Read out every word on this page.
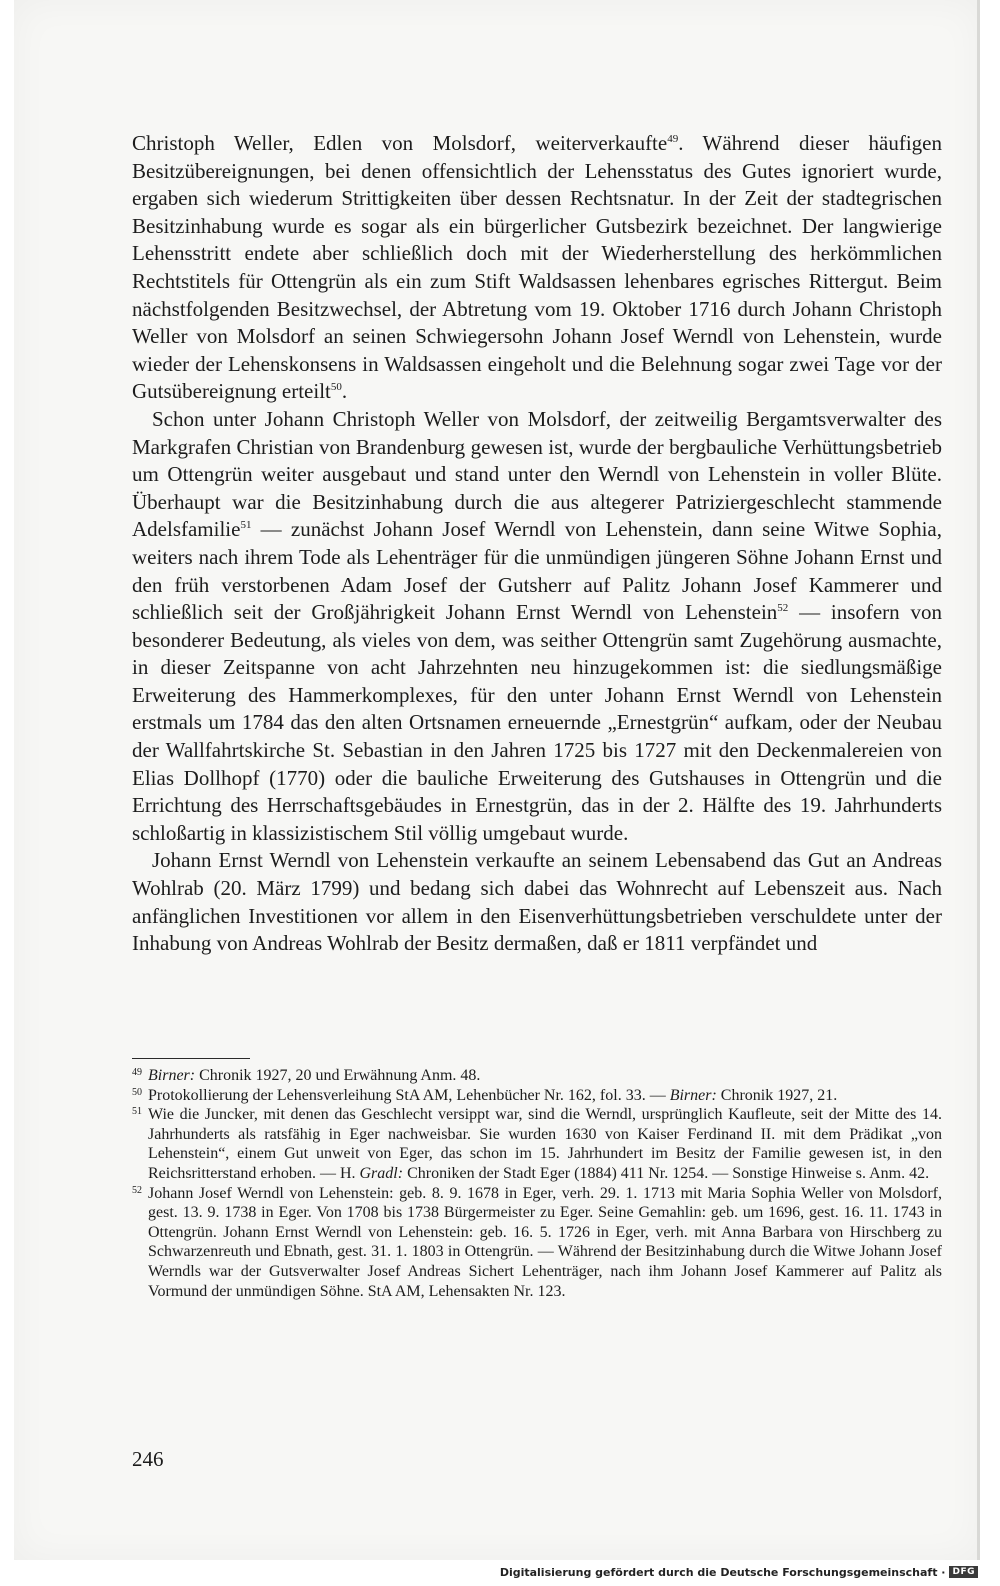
Christoph Weller, Edlen von Molsdorf, weiterverkaufte$^{49}$. Während dieser häufigen Besitzübereignungen, bei denen offensichtlich der Lehensstatus des Gutes ignoriert wurde, ergaben sich wiederum Strittigkeiten über dessen Rechtsnatur. In der Zeit der stadtegrischen Besitzinhabung wurde es sogar als ein bürgerlicher Gutsbezirk bezeichnet. Der langwierige Lehensstritt endete aber schließlich doch mit der Wiederherstellung des herkömmlichen Rechtstitels für Ottengrün als ein zum Stift Waldsassen lehenbares egrisches Rittergut. Beim nächstfolgenden Besitzwechsel, der Abtretung vom 19. Oktober 1716 durch Johann Christoph Weller von Molsdorf an seinen Schwiegersohn Johann Josef Werndl von Lehenstein, wurde wieder der Lehenskonsens in Waldsassen eingeholt und die Belehnung sogar zwei Tage vor der Gutsübereignung erteilt$^{50}$.

Schon unter Johann Christoph Weller von Molsdorf, der zeitweilig Bergamtsverwalter des Markgrafen Christian von Brandenburg gewesen ist, wurde der bergbauliche Verhüttungsbetrieb um Ottengrün weiter ausgebaut und stand unter den Werndl von Lehenstein in voller Blüte. Überhaupt war die Besitzinhabung durch die aus altegerer Patriziergeschlecht stammende Adelsfamilie$^{51}$ — zunächst Johann Josef Werndl von Lehenstein, dann seine Witwe Sophia, weiters nach ihrem Tode als Lehenträger für die unmündigen jüngeren Söhne Johann Ernst und den früh verstorbenen Adam Josef der Gutsherr auf Palitz Johann Josef Kammerer und schließlich seit der Großjährigkeit Johann Ernst Werndl von Lehenstein$^{52}$ — insofern von besonderer Bedeutung, als vieles von dem, was seither Ottengrün samt Zugehörung ausmachte, in dieser Zeitspanne von acht Jahrzehnten neu hinzugekommen ist: die siedlungsmäßige Erweiterung des Hammerkomplexes, für den unter Johann Ernst Werndl von Lehenstein erstmals um 1784 das den alten Ortsnamen erneuernde „Ernestgrün“ aufkam, oder der Neubau der Wallfahrtskirche St. Sebastian in den Jahren 1725 bis 1727 mit den Deckenmalereien von Elias Dollhopf (1770) oder die bauliche Erweiterung des Gutshauses in Ottengrün und die Errichtung des Herrschaftsgebäudes in Ernestgrün, das in der 2. Hälfte des 19. Jahrhunderts schloßartig in klassizistischem Stil völlig umgebaut wurde.

Johann Ernst Werndl von Lehenstein verkaufte an seinem Lebensabend das Gut an Andreas Wohlrab (20. März 1799) und bedang sich dabei das Wohnrecht auf Lebenszeit aus. Nach anfänglichen Investitionen vor allem in den Eisenverhüttungsbetrieben verschuldete unter der Inhabung von Andreas Wohlrab der Besitz dermaßen, daß er 1811 verpfändet und

49 Birner: Chronik 1927, 20 und Erwähnung Anm. 48.
50 Protokollierung der Lehensverleihung StA AM, Lehenbücher Nr. 162, fol. 33. — Birner: Chronik 1927, 21.
51 Wie die Juncker, mit denen das Geschlecht versippt war, sind die Werndl, ursprünglich Kaufleute, seit der Mitte des 14. Jahrhunderts als ratsfähig in Eger nachweisbar. Sie wurden 1630 von Kaiser Ferdinand II. mit dem Prädikat „von Lehenstein“, einem Gut unweit von Eger, das schon im 15. Jahrhundert im Besitz der Familie gewesen ist, in den Reichsritterstand erhoben. — H. Gradl: Chroniken der Stadt Eger (1884) 411 Nr. 1254. — Sonstige Hinweise s. Anm. 42.
52 Johann Josef Werndl von Lehenstein: geb. 8. 9. 1678 in Eger, verh. 29. 1. 1713 mit Maria Sophia Weller von Molsdorf, gest. 13. 9. 1738 in Eger. Von 1708 bis 1738 Bürgermeister zu Eger. Seine Gemahlin: geb. um 1696, gest. 16. 11. 1743 in Ottengrün. Johann Ernst Werndl von Lehenstein: geb. 16. 5. 1726 in Eger, verh. mit Anna Barbara von Hirschberg zu Schwarzenreuth und Ebnath, gest. 31. 1. 1803 in Ottengrün. — Während der Besitzinhabung durch die Witwe Johann Josef Werndls war der Gutsverwalter Josef Andreas Sichert Lehenträger, nach ihm Johann Josef Kammerer auf Palitz als Vormund der unmündigen Söhne. StA AM, Lehensakten Nr. 123.
246
Digitalisierung gefördert durch die Deutsche Forschungsgemeinschaft · DFG
